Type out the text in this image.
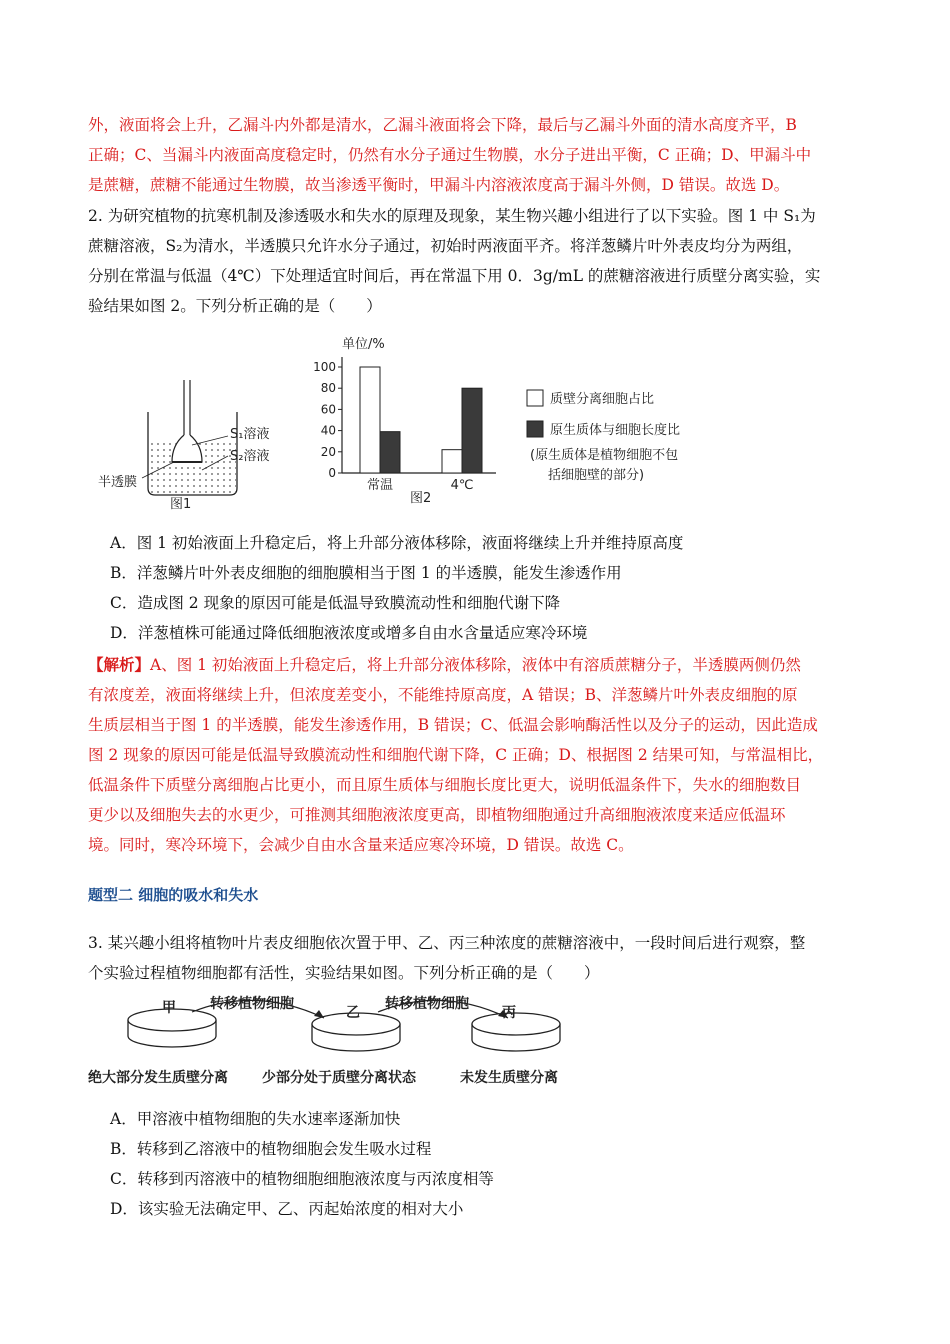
外，液面将会上升，乙漏斗内外都是清水，乙漏斗液面将会下降，最后与乙漏斗外面的清水高度齐平，B

正确；C、当漏斗内液面高度稳定时，仍然有水分子通过生物膜，水分子进出平衡，C 正确；D、甲漏斗中

是蔗糖，蔗糖不能通过生物膜，故当渗透平衡时，甲漏斗内溶液浓度高于漏斗外侧，D 错误。故选 D。

2. 为研究植物的抗寒机制及渗透吸水和失水的原理及现象，某生物兴趣小组进行了以下实验。图 1 中 S₁为

蔗糖溶液，S₂为清水，半透膜只允许水分子通过，初始时两液面平齐。将洋葱鳞片叶外表皮均分为两组，

分别在常温与低温（4℃）下处理适宜时间后，再在常温下用 0．3g/mL 的蔗糖溶液进行质壁分离实验，实

验结果如图 2。下列分析正确的是（　　）

S₁溶液
S₂溶液
半透膜
图1
单位/%
0
20
40
60
80
100
常温	4℃
图2
质壁分离细胞占比
原生质体与细胞长度比
(原生质体是植物细胞不包
括细胞壁的部分)

A．图 1 初始液面上升稳定后，将上升部分液体移除，液面将继续上升并维持原高度

B．洋葱鳞片叶外表皮细胞的细胞膜相当于图 1 的半透膜，能发生渗透作用

C．造成图 2 现象的原因可能是低温导致膜流动性和细胞代谢下降

D．洋葱植株可能通过降低细胞液浓度或增多自由水含量适应寒冷环境

【解析】A、图 1 初始液面上升稳定后，将上升部分液体移除，液体中有溶质蔗糖分子，半透膜两侧仍然

有浓度差，液面将继续上升，但浓度差变小，不能维持原高度，A 错误；B、洋葱鳞片叶外表皮细胞的原

生质层相当于图 1 的半透膜，能发生渗透作用，B 错误；C、低温会影响酶活性以及分子的运动，因此造成

图 2 现象的原因可能是低温导致膜流动性和细胞代谢下降，C 正确；D、根据图 2 结果可知，与常温相比，

低温条件下质壁分离细胞占比更小，而且原生质体与细胞长度比更大，说明低温条件下，失水的细胞数目

更少以及细胞失去的水更少，可推测其细胞液浓度更高，即植物细胞通过升高细胞液浓度来适应低温环

境。同时，寒冷环境下，会减少自由水含量来适应寒冷环境，D 错误。故选 C。

题型二 细胞的吸水和失水

3. 某兴趣小组将植物叶片表皮细胞依次置于甲、乙、丙三种浓度的蔗糖溶液中，一段时间后进行观察，整

个实验过程植物细胞都有活性，实验结果如图。下列分析正确的是（　　）

甲	乙	丙
转移植物细胞	转移植物细胞
绝大部分发生质壁分离 少部分处于质壁分离状态	未发生质壁分离

A．甲溶液中植物细胞的失水速率逐渐加快

B．转移到乙溶液中的植物细胞会发生吸水过程

C．转移到丙溶液中的植物细胞细胞液浓度与丙浓度相等

D．该实验无法确定甲、乙、丙起始浓度的相对大小
